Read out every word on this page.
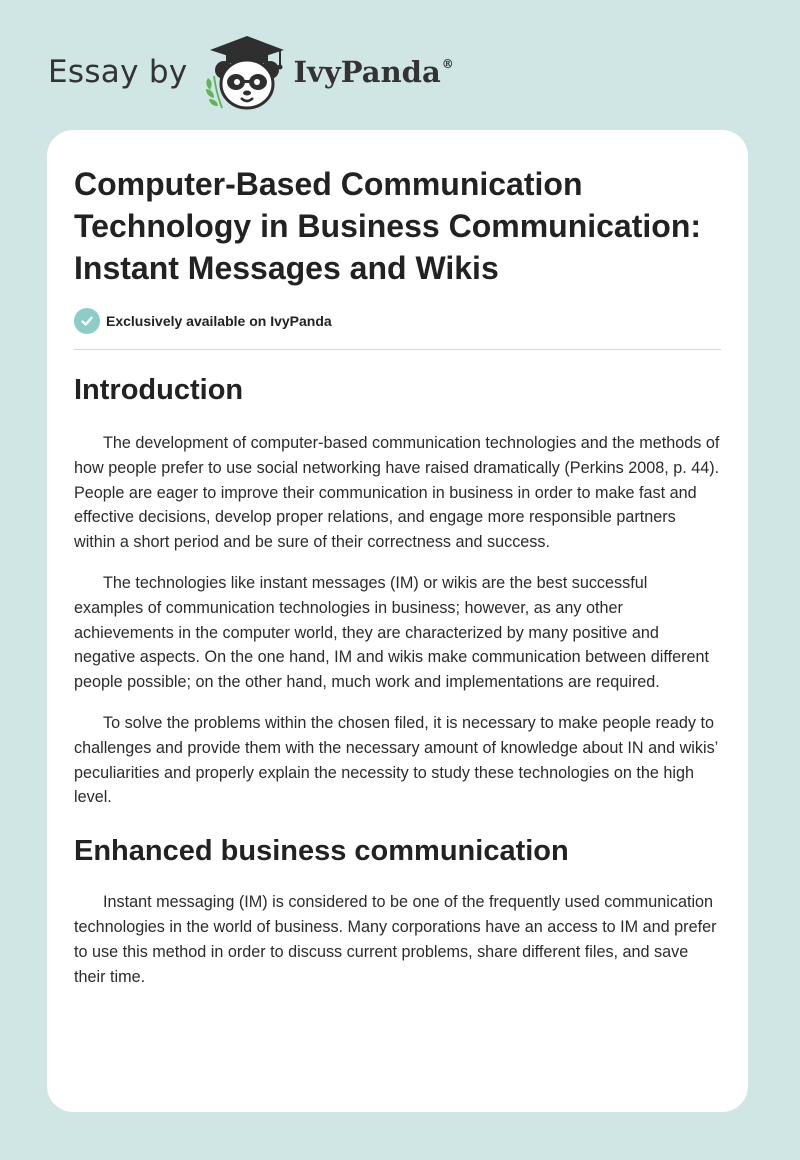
Essay by	IvyPanda®
Computer-Based Communication Technology in Business Communication: Instant Messages and Wikis
Exclusively available on IvyPanda
Introduction

The development of computer-based communication technologies and the methods of how people prefer to use social networking have raised dramatically (Perkins 2008, p. 44). People are eager to improve their communication in business in order to make fast and effective decisions, develop proper relations, and engage more responsible partners within a short period and be sure of their correctness and success.

The technologies like instant messages (IM) or wikis are the best successful examples of communication technologies in business; however, as any other achievements in the computer world, they are characterized by many positive and negative aspects. On the one hand, IM and wikis make communication between different people possible; on the other hand, much work and implementations are required.

To solve the problems within the chosen filed, it is necessary to make people ready to challenges and provide them with the necessary amount of knowledge about IN and wikis’ peculiarities and properly explain the necessity to study these technologies on the high level.

Enhanced business communication

Instant messaging (IM) is considered to be one of the frequently used communication technologies in the world of business. Many corporations have an access to IM and prefer to use this method in order to discuss current problems, share different files, and save their time.
